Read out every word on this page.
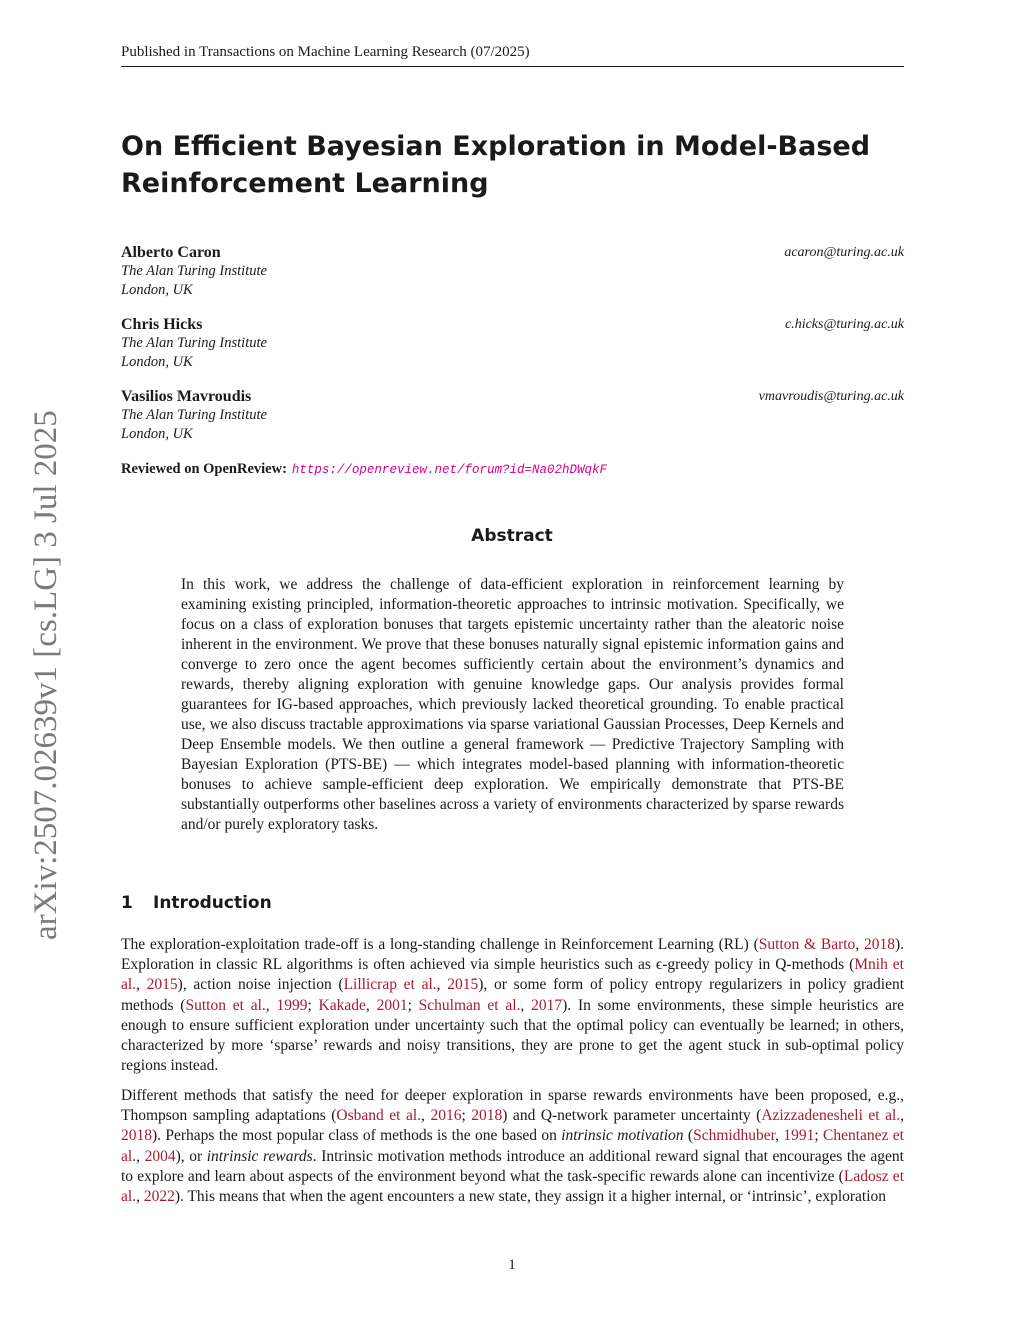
Published in Transactions on Machine Learning Research (07/2025)
arXiv:2507.02639v1 [cs.LG] 3 Jul 2025
On Efficient Bayesian Exploration in Model-Based Reinforcement Learning
Alberto Caron
The Alan Turing Institute
London, UK
acaron@turing.ac.uk
Chris Hicks
The Alan Turing Institute
London, UK
c.hicks@turing.ac.uk
Vasilios Mavroudis
The Alan Turing Institute
London, UK
vmavroudis@turing.ac.uk
Reviewed on OpenReview: https://openreview.net/forum?id=Na02hDWqkF
Abstract

In this work, we address the challenge of data-efficient exploration in reinforcement learning by examining existing principled, information-theoretic approaches to intrinsic motivation. Specifically, we focus on a class of exploration bonuses that targets epistemic uncertainty rather than the aleatoric noise inherent in the environment. We prove that these bonuses naturally signal epistemic information gains and converge to zero once the agent becomes sufficiently certain about the environment’s dynamics and rewards, thereby aligning exploration with genuine knowledge gaps. Our analysis provides formal guarantees for IG-based approaches, which previously lacked theoretical grounding. To enable practical use, we also discuss tractable approximations via sparse variational Gaussian Processes, Deep Kernels and Deep Ensemble models. We then outline a general framework — Predictive Trajectory Sampling with Bayesian Exploration (PTS-BE) — which integrates model-based planning with information-theoretic bonuses to achieve sample-efficient deep exploration. We empirically demonstrate that PTS-BE substantially outperforms other baselines across a variety of environments characterized by sparse rewards and/or purely exploratory tasks.

1 Introduction

The exploration-exploitation trade-off is a long-standing challenge in Reinforcement Learning (RL) (Sutton & Barto, 2018). Exploration in classic RL algorithms is often achieved via simple heuristics such as ϵ-greedy policy in Q-methods (Mnih et al., 2015), action noise injection (Lillicrap et al., 2015), or some form of policy entropy regularizers in policy gradient methods (Sutton et al., 1999; Kakade, 2001; Schulman et al., 2017). In some environments, these simple heuristics are enough to ensure sufficient exploration under uncertainty such that the optimal policy can eventually be learned; in others, characterized by more ‘sparse’ rewards and noisy transitions, they are prone to get the agent stuck in sub-optimal policy regions instead.

Different methods that satisfy the need for deeper exploration in sparse rewards environments have been proposed, e.g., Thompson sampling adaptations (Osband et al., 2016; 2018) and Q-network parameter uncertainty (Azizzadenesheli et al., 2018). Perhaps the most popular class of methods is the one based on intrinsic motivation (Schmidhuber, 1991; Chentanez et al., 2004), or intrinsic rewards. Intrinsic motivation methods introduce an additional reward signal that encourages the agent to explore and learn about aspects of the environment beyond what the task-specific rewards alone can incentivize (Ladosz et al., 2022). This means that when the agent encounters a new state, they assign it a higher internal, or ‘intrinsic’, exploration

1
